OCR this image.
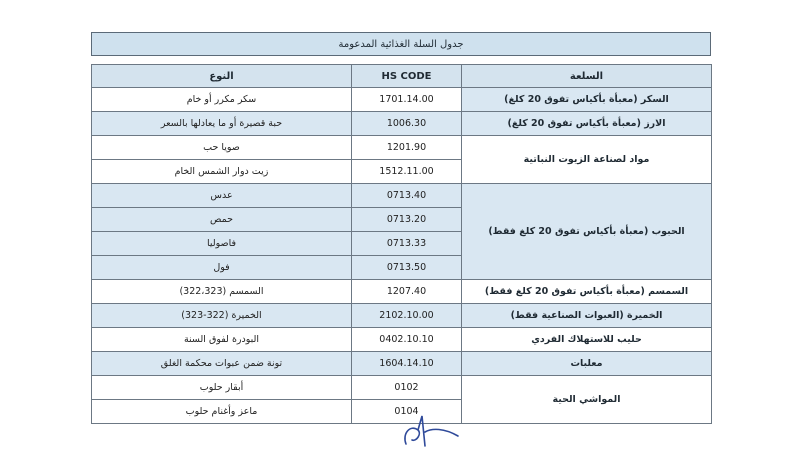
جدول السلة الغذائية المدعومة
السلعة	HS CODE	النوع
السكر (معبأة بأكياس تفوق 20 كلغ)	1701.14.00	سكر مكرر أو خام
الارز (معبأة بأكياس تفوق 20 كلغ)	1006.30	حبة قصيرة أو ما يعادلها بالسعر
مواد لصناعة الزيوت النباتية	1201.90	صويا حب
	1512.11.00	زيت دوار الشمس الخام
الحبوب (معبأة بأكياس تفوق 20 كلغ فقط)	0713.40	عدس
	0713.20	حمص
	0713.33	فاصوليا
	0713.50	فول
السمسم (معبأة بأكياس تفوق 20 كلغ فقط)	1207.40	السمسم (322،323)
الخميرة (العبوات الصناعية فقط)	2102.10.00	الخميرة (322-323)
حليب للاستهلاك الفردي	0402.10.10	البودرة لفوق السنة
معلبات	1604.14.10	تونة ضمن عبوات محكمة الغلق
المواشي الحية	0102	أبقار حلوب
	0104	ماعز وأغنام حلوب
